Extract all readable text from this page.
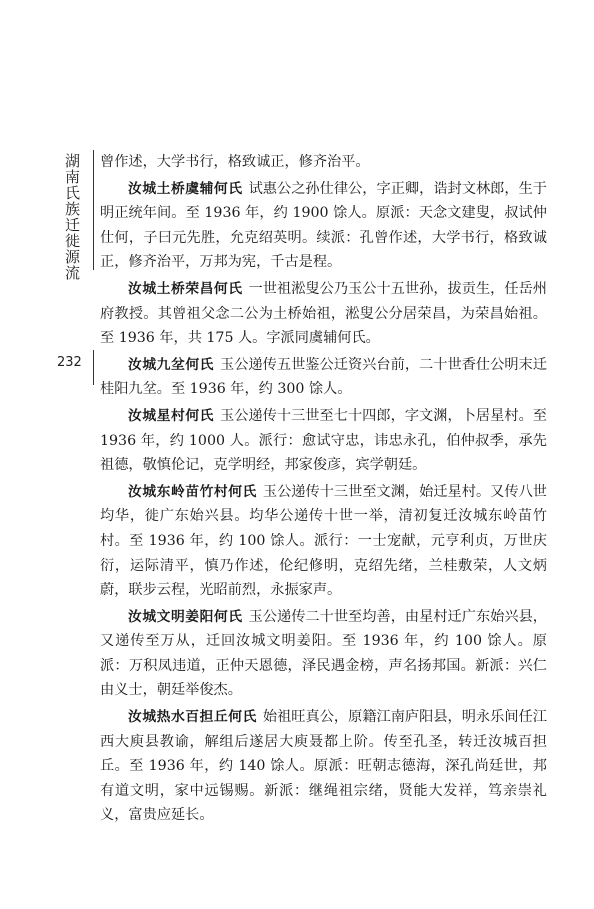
湖南氏族迁徙源流
232

曾作述，大学书行，格致诚正，修齐治平。

汝城土桥虞辅何氏 试惠公之孙仕律公，字正卿，诰封文林郎，生于明正统年间。至 1936 年，约 1900 馀人。原派：天念文建叟，叔试仲仕何，子曰元先胜，允克绍英明。续派：孔曾作述，大学书行，格致诚正，修齐治平，万邦为宪，千古是程。

汝城土桥荣昌何氏 一世祖淞叟公乃玉公十五世孙，拔贡生，任岳州府教授。其曾祖父念二公为土桥始祖，淞叟公分居荣昌，为荣昌始祖。至 1936 年，共 175 人。字派同虞辅何氏。

汝城九坌何氏 玉公递传五世鉴公迁资兴台前，二十世香仕公明末迁桂阳九坌。至 1936 年，约 300 馀人。

汝城星村何氏 玉公递传十三世至七十四郎，字文渊，卜居星村。至 1936 年，约 1000 人。派行：愈试守忠，讳忠永孔，伯仲叔季，承先祖德，敬慎伦记，克学明经，邦家俊彦，宾学朝廷。

汝城东岭苗竹村何氏 玉公递传十三世至文渊，始迁星村。又传八世均华，徙广东始兴县。均华公递传十世一举，清初复迁汝城东岭苗竹村。至 1936 年，约 100 馀人。派行：一士宠献，元亨利贞，万世庆衍，运际清平，慎乃作述，伦纪修明，克绍先绪，兰桂敷荣，人文炳蔚，联步云程，光昭前烈，永振家声。

汝城文明姜阳何氏 玉公递传二十世至均善，由星村迁广东始兴县，又递传至万从，迁回汝城文明姜阳。至 1936 年，约 100 馀人。原派：万积凤违道，正仲天恩德，泽民遇金榜，声名扬邦国。新派：兴仁由义士，朝廷举俊杰。

汝城热水百担丘何氏 始祖旺真公，原籍江南庐阳县，明永乐间任江西大庾县教谕，解组后遂居大庾聂都上阶。传至孔圣，转迁汝城百担丘。至 1936 年，约 140 馀人。原派：旺朝志德海，深孔尚廷世，邦有道文明，家中远锡赐。新派：继绳祖宗绪，贤能大发祥，笃亲崇礼义，富贵应延长。
